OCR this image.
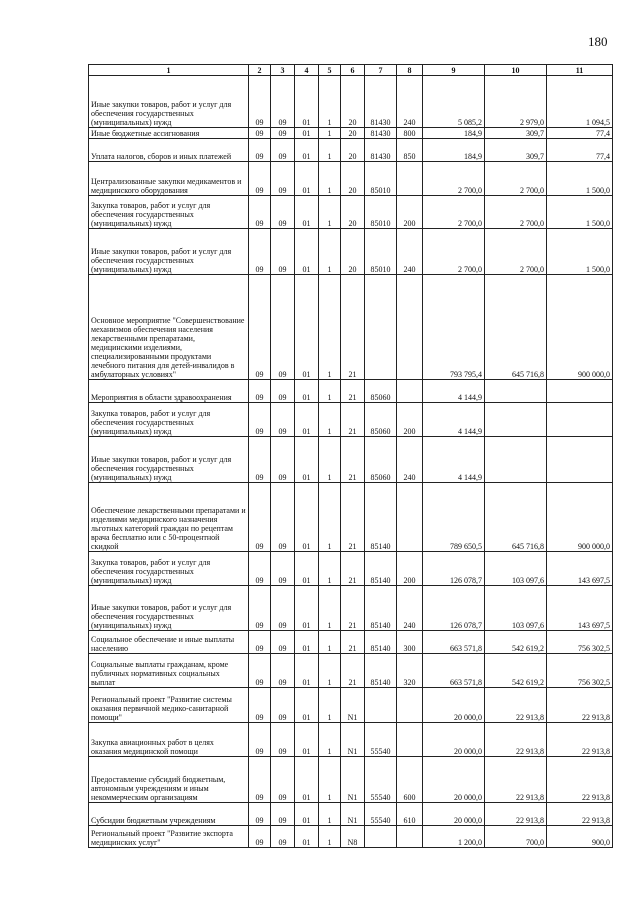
180
1	2	3	4	5	6	7	8	9	10	11
Иные закупки товаров, работ и услуг для обеспечения государственных (муниципальных) нужд	09	09	01	1	20	81430	240	5 085,2	2 979,0	1 094,5
Иные бюджетные ассигнования	09	09	01	1	20	81430	800	184,9	309,7	77,4
Уплата налогов, сборов и иных платежей	09	09	01	1	20	81430	850	184,9	309,7	77,4
Централизованные закупки медикаментов и медицинского оборудования	09	09	01	1	20	85010		2 700,0	2 700,0	1 500,0
Закупка товаров, работ и услуг для обеспечения государственных (муниципальных) нужд	09	09	01	1	20	85010	200	2 700,0	2 700,0	1 500,0
Иные закупки товаров, работ и услуг для обеспечения государственных (муниципальных) нужд	09	09	01	1	20	85010	240	2 700,0	2 700,0	1 500,0
Основное мероприятие "Совершенствование механизмов обеспечения населения лекарственными препаратами, медицинскими изделиями, специализированными продуктами лечебного питания для детей-инвалидов в амбулаторных условиях"	09	09	01	1	21			793 795,4	645 716,8	900 000,0
Мероприятия в области здравоохранения	09	09	01	1	21	85060		4 144,9		
Закупка товаров, работ и услуг для обеспечения государственных (муниципальных) нужд	09	09	01	1	21	85060	200	4 144,9		
Иные закупки товаров, работ и услуг для обеспечения государственных (муниципальных) нужд	09	09	01	1	21	85060	240	4 144,9		
Обеспечение лекарственными препаратами и изделиями медицинского назначения льготных категорий граждан по рецептам врача бесплатно или с 50-процентной скидкой	09	09	01	1	21	85140		789 650,5	645 716,8	900 000,0
Закупка товаров, работ и услуг для обеспечения государственных (муниципальных) нужд	09	09	01	1	21	85140	200	126 078,7	103 097,6	143 697,5
Иные закупки товаров, работ и услуг для обеспечения государственных (муниципальных) нужд	09	09	01	1	21	85140	240	126 078,7	103 097,6	143 697,5
Социальное обеспечение и иные выплаты населению	09	09	01	1	21	85140	300	663 571,8	542 619,2	756 302,5
Социальные выплаты гражданам, кроме публичных нормативных социальных выплат	09	09	01	1	21	85140	320	663 571,8	542 619,2	756 302,5
Региональный проект "Развитие системы оказания первичной медико-санитарной помощи"	09	09	01	1	N1			20 000,0	22 913,8	22 913,8
Закупка авиационных работ в целях оказания медицинской помощи	09	09	01	1	N1	55540		20 000,0	22 913,8	22 913,8
Предоставление субсидий бюджетным, автономным учреждениям и иным некоммерческим организациям	09	09	01	1	N1	55540	600	20 000,0	22 913,8	22 913,8
Субсидии бюджетным учреждениям	09	09	01	1	N1	55540	610	20 000,0	22 913,8	22 913,8
Региональный проект "Развитие экспорта медицинских услуг"	09	09	01	1	N8			1 200,0	700,0	900,0
